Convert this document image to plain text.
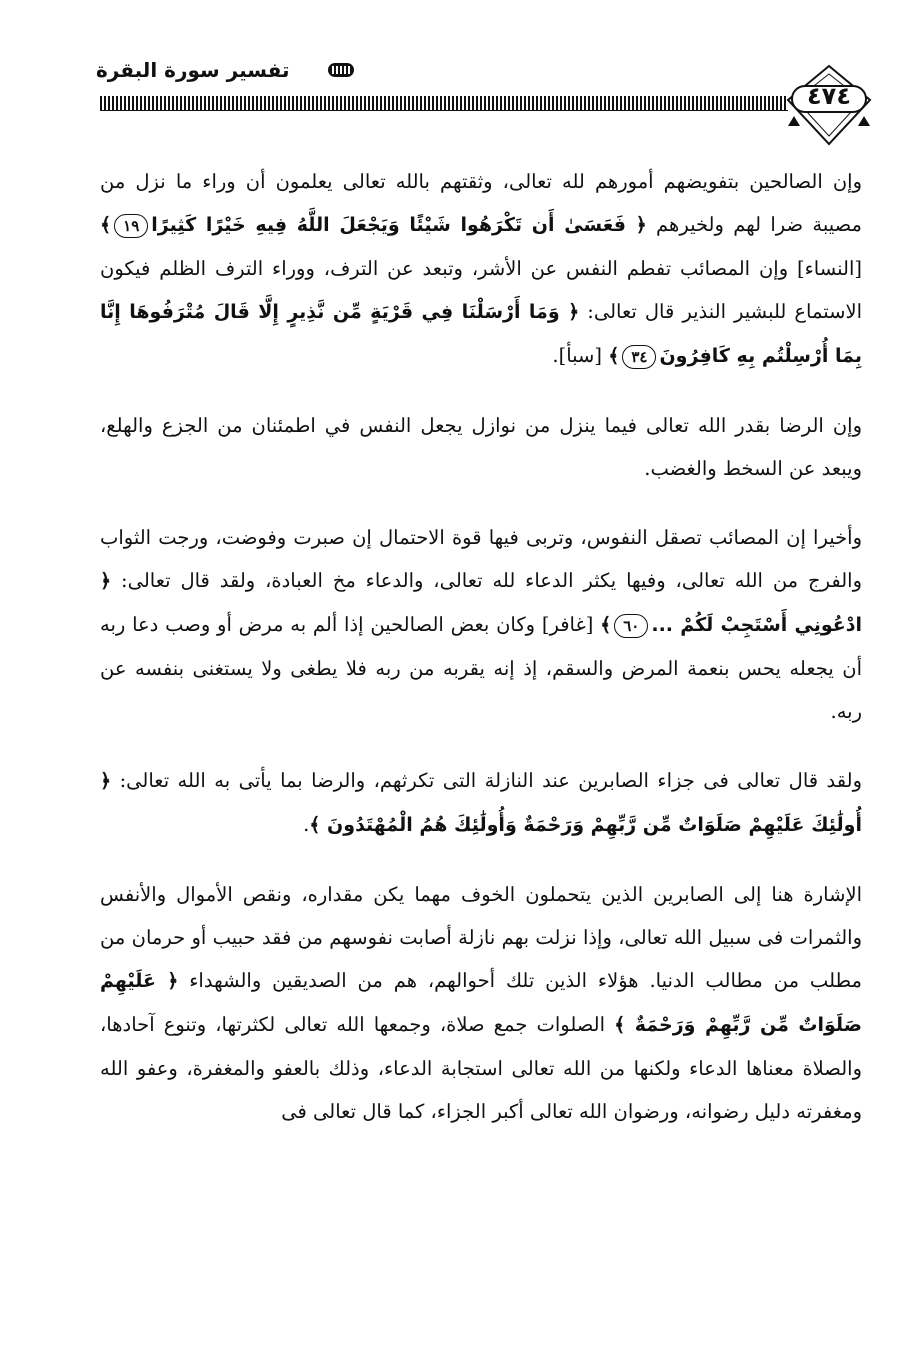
تفسير سورة البقرة
٤٧٤

وإن الصالحين بتفويضهم أمورهم لله تعالى، وثقتهم بالله تعالى يعلمون أن وراء ما نزل من مصيبة ضرا لهم ولخيرهم ﴿ فَعَسَىٰ أَن تَكْرَهُوا شَيْئًا وَيَجْعَلَ اللَّهُ فِيهِ خَيْرًا كَثِيرًا١٩﴾ [النساء] وإن المصائب تفطم النفس عن الأشر، وتبعد عن الترف، ووراء الترف الظلم فيكون الاستماع للبشير النذير قال تعالى: ﴿ وَمَا أَرْسَلْنَا فِي قَرْيَةٍ مِّن نَّذِيرٍ إِلَّا قَالَ مُتْرَفُوهَا إِنَّا بِمَا أُرْسِلْتُم بِهِ كَافِرُونَ٣٤﴾ [سبأ].

وإن الرضا بقدر الله تعالى فيما ينزل من نوازل يجعل النفس في اطمئنان من الجزع والهلع، ويبعد عن السخط والغضب.

وأخيرا إن المصائب تصقل النفوس، وتربى فيها قوة الاحتمال إن صبرت وفوضت، ورجت الثواب والفرج من الله تعالى، وفيها يكثر الدعاء لله تعالى، والدعاء مخ العبادة، ولقد قال تعالى: ﴿ ادْعُونِي أَسْتَجِبْ لَكُمْ ...٦٠﴾ [غافر] وكان بعض الصالحين إذا ألم به مرض أو وصب دعا ربه أن يجعله يحس بنعمة المرض والسقم، إذ إنه يقربه من ربه فلا يطغى ولا يستغنى بنفسه عن ربه.

ولقد قال تعالى فى جزاء الصابرين عند النازلة التى تكرثهم، والرضا بما يأتى به الله تعالى: ﴿ أُولَٰئِكَ عَلَيْهِمْ صَلَوَاتٌ مِّن رَّبِّهِمْ وَرَحْمَةٌ وَأُولَٰئِكَ هُمُ الْمُهْتَدُونَ ﴾.

الإشارة هنا إلى الصابرين الذين يتحملون الخوف مهما يكن مقداره، ونقص الأموال والأنفس والثمرات فى سبيل الله تعالى، وإذا نزلت بهم نازلة أصابت نفوسهم من فقد حبيب أو حرمان من مطلب من مطالب الدنيا. هؤلاء الذين تلك أحوالهم، هم من الصديقين والشهداء ﴿ عَلَيْهِمْ صَلَوَاتٌ مِّن رَّبِّهِمْ وَرَحْمَةٌ ﴾ الصلوات جمع صلاة، وجمعها الله تعالى لكثرتها، وتنوع آحادها، والصلاة معناها الدعاء ولكنها من الله تعالى استجابة الدعاء، وذلك بالعفو والمغفرة، وعفو الله ومغفرته دليل رضوانه، ورضوان الله تعالى أكبر الجزاء، كما قال تعالى فى
